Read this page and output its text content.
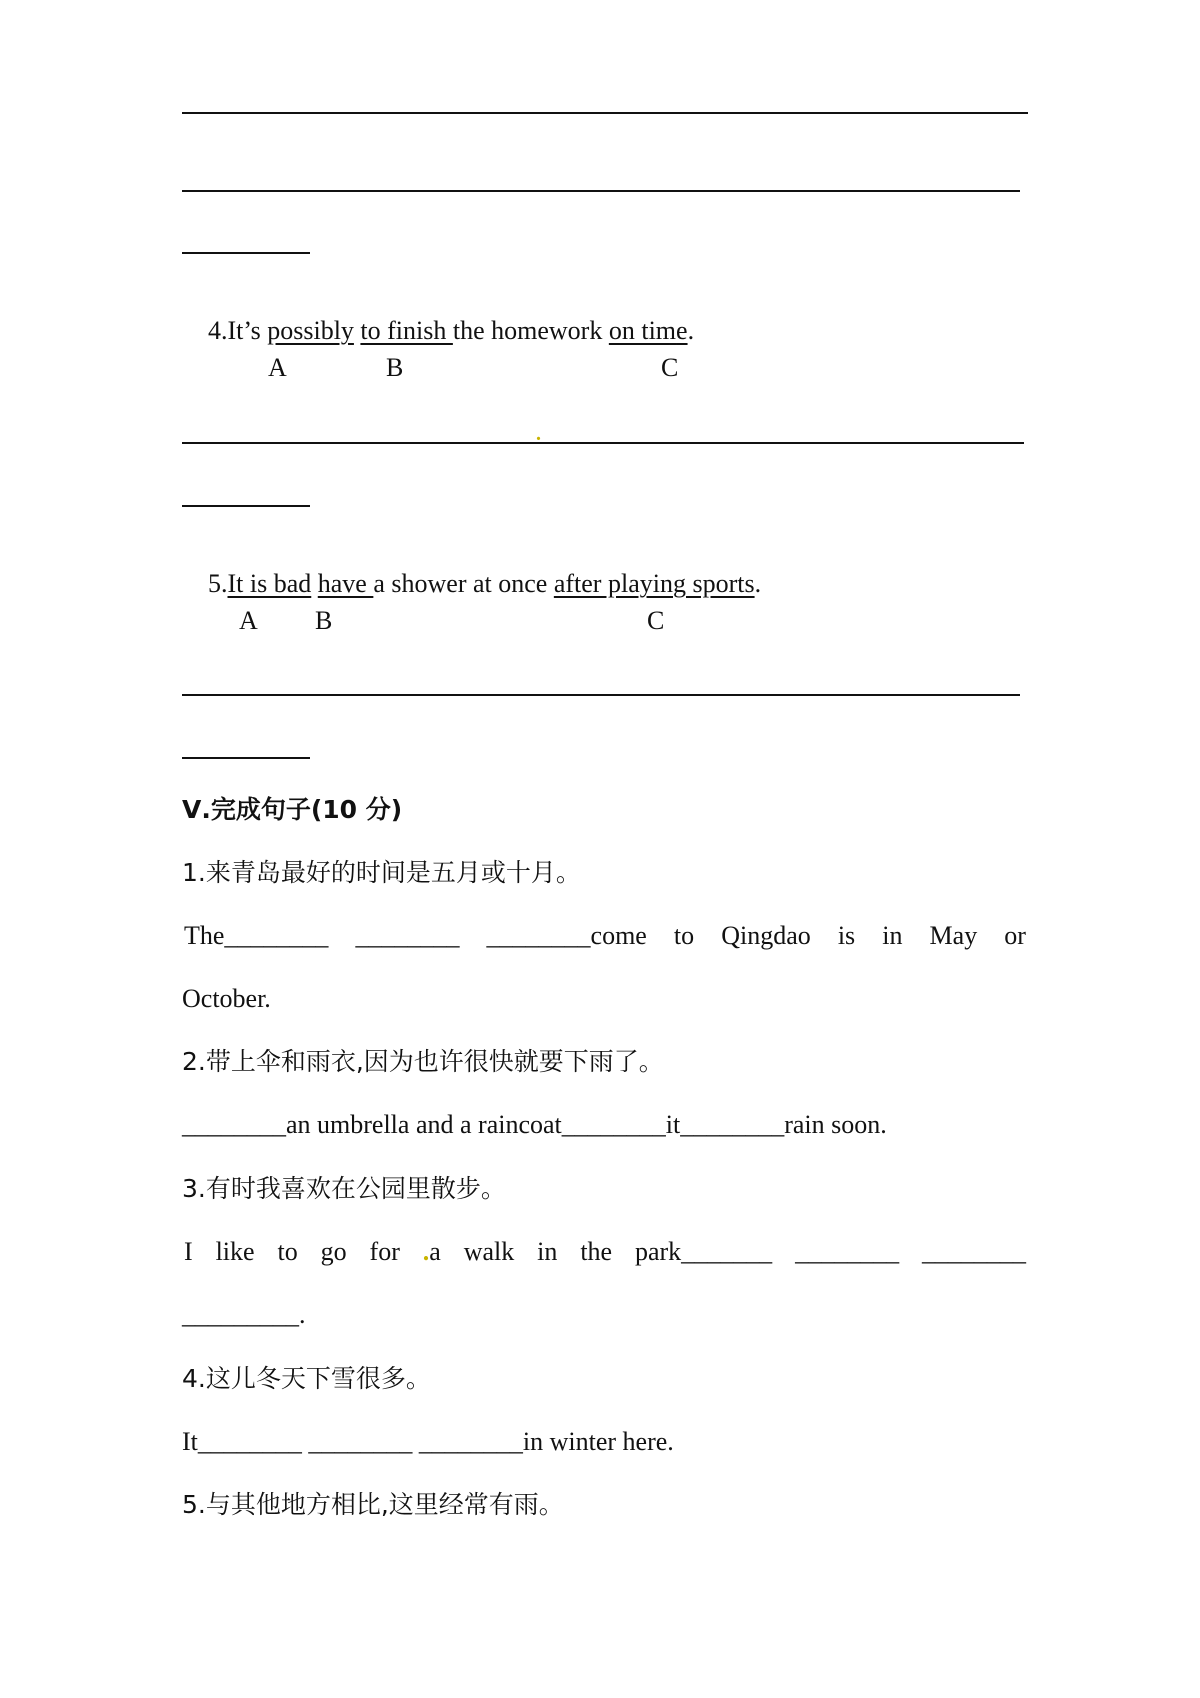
4.It’s possibly to finish the homework on time.

A	B	C
.

5.It is bad have a shower at once after playing sports.

A B	C
Ⅴ.完成句子(10 分)
1.来青岛最好的时间是五月或十月。
The________ ________ ________come to Qingdao is in May or
October.
2.带上伞和雨衣,因为也许很快就要下雨了。
________an umbrella and a raincoat________it________rain soon.
3.有时我喜欢在公园里散步。
I like to go for .a walk in the park_______ ________ ________
_________.
4.这儿冬天下雪很多。
It________ ________ ________in winter here.
5.与其他地方相比,这里经常有雨。
